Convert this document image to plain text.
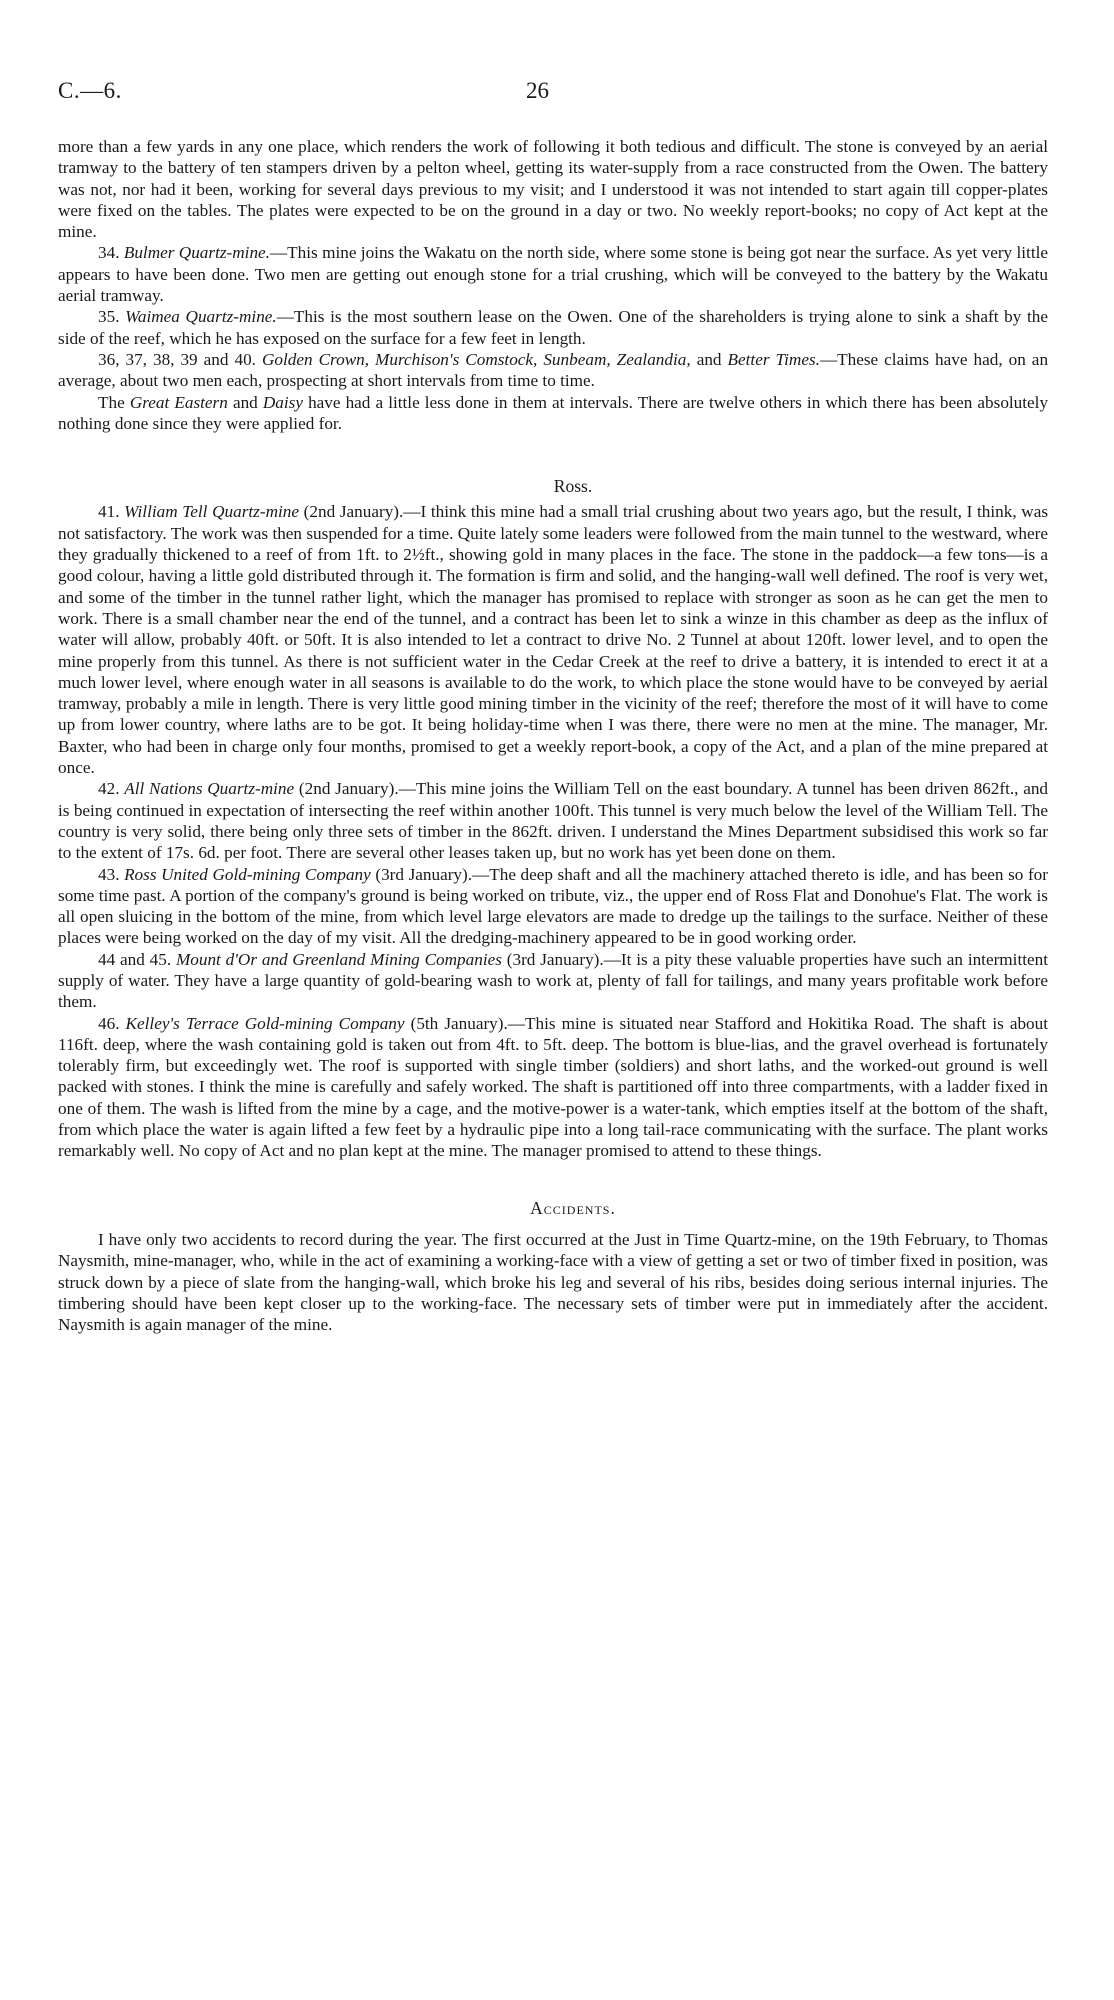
C.—6.	26

more than a few yards in any one place, which renders the work of following it both tedious and difficult. The stone is conveyed by an aerial tramway to the battery of ten stampers driven by a pelton wheel, getting its water-supply from a race constructed from the Owen. The battery was not, nor had it been, working for several days previous to my visit; and I understood it was not intended to start again till copper-plates were fixed on the tables. The plates were expected to be on the ground in a day or two. No weekly report-books; no copy of Act kept at the mine.

34. Bulmer Quartz-mine.—This mine joins the Wakatu on the north side, where some stone is being got near the surface. As yet very little appears to have been done. Two men are getting out enough stone for a trial crushing, which will be conveyed to the battery by the Wakatu aerial tramway.

35. Waimea Quartz-mine.—This is the most southern lease on the Owen. One of the shareholders is trying alone to sink a shaft by the side of the reef, which he has exposed on the surface for a few feet in length.

36, 37, 38, 39 and 40. Golden Crown, Murchison's Comstock, Sunbeam, Zealandia, and Better Times.—These claims have had, on an average, about two men each, prospecting at short intervals from time to time.

The Great Eastern and Daisy have had a little less done in them at intervals. There are twelve others in which there has been absolutely nothing done since they were applied for.

Ross.

41. William Tell Quartz-mine (2nd January).—I think this mine had a small trial crushing about two years ago, but the result, I think, was not satisfactory. The work was then suspended for a time. Quite lately some leaders were followed from the main tunnel to the westward, where they gradually thickened to a reef of from 1ft. to 2½ft., showing gold in many places in the face. The stone in the paddock—a few tons—is a good colour, having a little gold distributed through it. The formation is firm and solid, and the hanging-wall well defined. The roof is very wet, and some of the timber in the tunnel rather light, which the manager has promised to replace with stronger as soon as he can get the men to work. There is a small chamber near the end of the tunnel, and a contract has been let to sink a winze in this chamber as deep as the influx of water will allow, probably 40ft. or 50ft. It is also intended to let a contract to drive No. 2 Tunnel at about 120ft. lower level, and to open the mine properly from this tunnel. As there is not sufficient water in the Cedar Creek at the reef to drive a battery, it is intended to erect it at a much lower level, where enough water in all seasons is available to do the work, to which place the stone would have to be conveyed by aerial tramway, probably a mile in length. There is very little good mining timber in the vicinity of the reef; therefore the most of it will have to come up from lower country, where laths are to be got. It being holiday-time when I was there, there were no men at the mine. The manager, Mr. Baxter, who had been in charge only four months, promised to get a weekly report-book, a copy of the Act, and a plan of the mine prepared at once.

42. All Nations Quartz-mine (2nd January).—This mine joins the William Tell on the east boundary. A tunnel has been driven 862ft., and is being continued in expectation of intersecting the reef within another 100ft. This tunnel is very much below the level of the William Tell. The country is very solid, there being only three sets of timber in the 862ft. driven. I understand the Mines Department subsidised this work so far to the extent of 17s. 6d. per foot. There are several other leases taken up, but no work has yet been done on them.

43. Ross United Gold-mining Company (3rd January).—The deep shaft and all the machinery attached thereto is idle, and has been so for some time past. A portion of the company's ground is being worked on tribute, viz., the upper end of Ross Flat and Donohue's Flat. The work is all open sluicing in the bottom of the mine, from which level large elevators are made to dredge up the tailings to the surface. Neither of these places were being worked on the day of my visit. All the dredging-machinery appeared to be in good working order.

44 and 45. Mount d'Or and Greenland Mining Companies (3rd January).—It is a pity these valuable properties have such an intermittent supply of water. They have a large quantity of gold-bearing wash to work at, plenty of fall for tailings, and many years profitable work before them.

46. Kelley's Terrace Gold-mining Company (5th January).—This mine is situated near Stafford and Hokitika Road. The shaft is about 116ft. deep, where the wash containing gold is taken out from 4ft. to 5ft. deep. The bottom is blue-lias, and the gravel overhead is fortunately tolerably firm, but exceedingly wet. The roof is supported with single timber (soldiers) and short laths, and the worked-out ground is well packed with stones. I think the mine is carefully and safely worked. The shaft is partitioned off into three compartments, with a ladder fixed in one of them. The wash is lifted from the mine by a cage, and the motive-power is a water-tank, which empties itself at the bottom of the shaft, from which place the water is again lifted a few feet by a hydraulic pipe into a long tail-race communicating with the surface. The plant works remarkably well. No copy of Act and no plan kept at the mine. The manager promised to attend to these things.

Accidents.

I have only two accidents to record during the year. The first occurred at the Just in Time Quartz-mine, on the 19th February, to Thomas Naysmith, mine-manager, who, while in the act of examining a working-face with a view of getting a set or two of timber fixed in position, was struck down by a piece of slate from the hanging-wall, which broke his leg and several of his ribs, besides doing serious internal injuries. The timbering should have been kept closer up to the working-face. The necessary sets of timber were put in immediately after the accident. Naysmith is again manager of the mine.
